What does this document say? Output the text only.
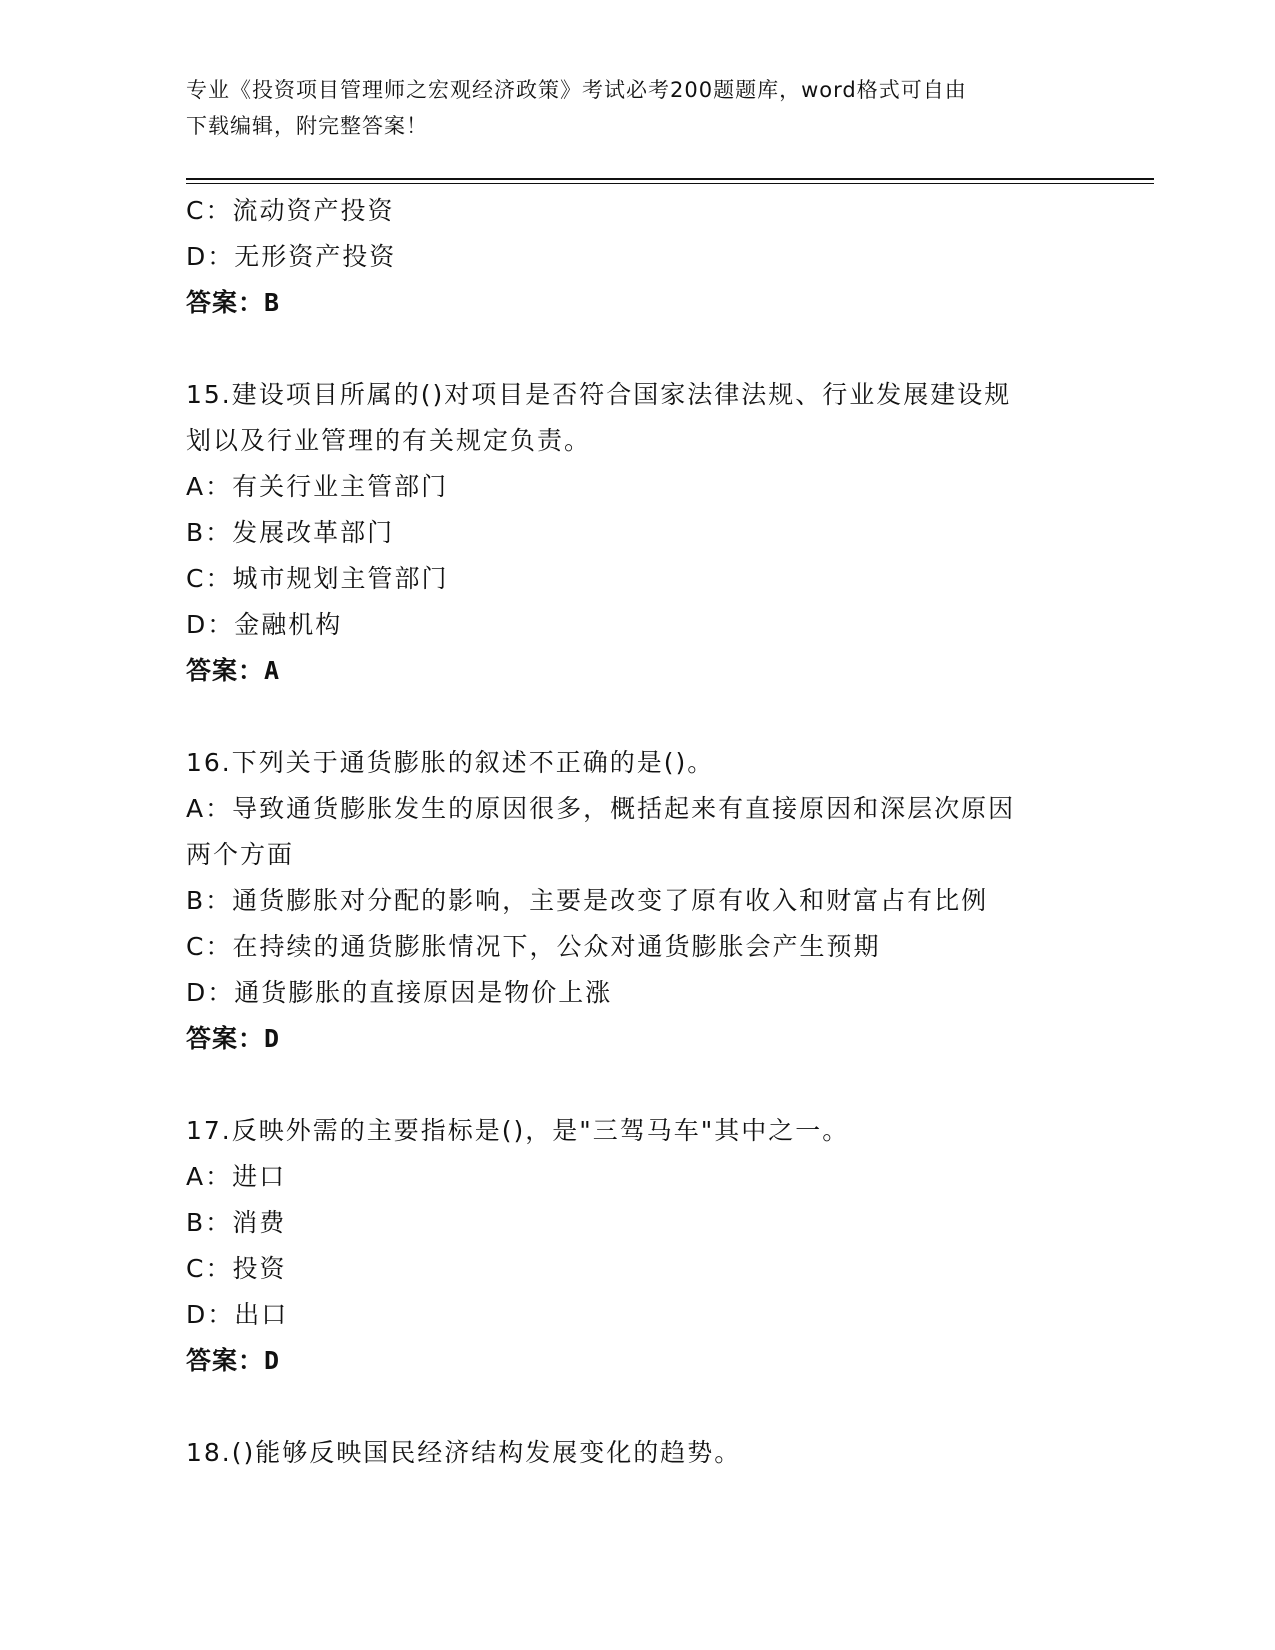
专业《投资项目管理师之宏观经济政策》考试必考200题题库，word格式可自由
下载编辑，附完整答案！
C：流动资产投资
D：无形资产投资
答案：B
15.建设项目所属的()对项目是否符合国家法律法规、行业发展建设规
划以及行业管理的有关规定负责。
A：有关行业主管部门
B：发展改革部门
C：城市规划主管部门
D：金融机构
答案：A
16.下列关于通货膨胀的叙述不正确的是()。
A：导致通货膨胀发生的原因很多，概括起来有直接原因和深层次原因
两个方面
B：通货膨胀对分配的影响，主要是改变了原有收入和财富占有比例
C：在持续的通货膨胀情况下，公众对通货膨胀会产生预期
D：通货膨胀的直接原因是物价上涨
答案：D
17.反映外需的主要指标是()，是"三驾马车"其中之一。
A：进口
B：消费
C：投资
D：出口
答案：D
18.()能够反映国民经济结构发展变化的趋势。
